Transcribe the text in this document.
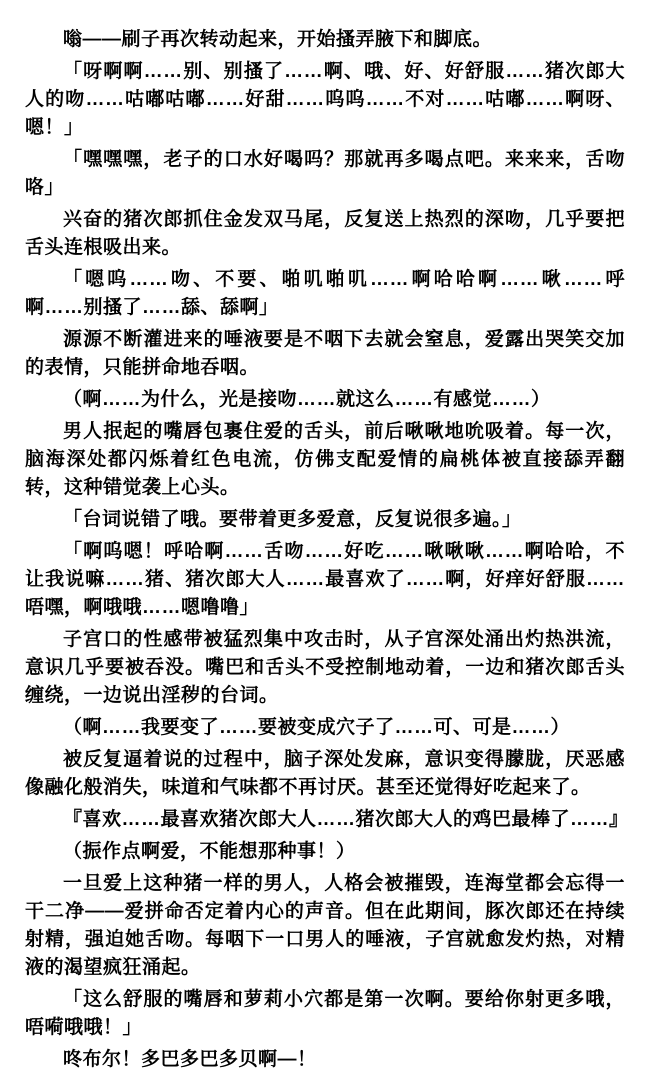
嗡——刷子再次转动起来，开始搔弄腋下和脚底。

「呀啊啊……别、别搔了……啊、哦、好、好舒服……猪次郎大人的吻……咕嘟咕嘟……好甜……呜呜……不对……咕嘟……啊呀、嗯！」

「嘿嘿嘿，老子的口水好喝吗？那就再多喝点吧。来来来，舌吻咯」

兴奋的猪次郎抓住金发双马尾，反复送上热烈的深吻，几乎要把舌头连根吸出来。

「嗯呜……吻、不要、啪叽啪叽……啊哈哈啊……啾……呼啊……别搔了……舔、舔啊」

源源不断灌进来的唾液要是不咽下去就会窒息，爱露出哭笑交加的表情，只能拼命地吞咽。

（啊……为什么，光是接吻……就这么……有感觉……）

男人抿起的嘴唇包裹住爱的舌头，前后啾啾地吮吸着。每一次，脑海深处都闪烁着红色电流，仿佛支配爱情的扁桃体被直接舔弄翻转，这种错觉袭上心头。

「台词说错了哦。要带着更多爱意，反复说很多遍。」

「啊呜嗯！呼哈啊……舌吻……好吃……啾啾啾……啊哈哈，不让我说嘛……猪、猪次郎大人……最喜欢了……啊，好痒好舒服……唔嘿，啊哦哦……嗯噜噜」

子宫口的性感带被猛烈集中攻击时，从子宫深处涌出灼热洪流，意识几乎要被吞没。嘴巴和舌头不受控制地动着，一边和猪次郎舌头缠绕，一边说出淫秽的台词。

（啊……我要变了……要被变成穴子了……可、可是……）

被反复逼着说的过程中，脑子深处发麻，意识变得朦胧，厌恶感像融化般消失，味道和气味都不再讨厌。甚至还觉得好吃起来了。

『喜欢……最喜欢猪次郎大人……猪次郎大人的鸡巴最棒了……』

（振作点啊爱，不能想那种事！）

一旦爱上这种猪一样的男人，人格会被摧毁，连海堂都会忘得一干二净——爱拼命否定着内心的声音。但在此期间，豚次郎还在持续射精，强迫她舌吻。每咽下一口男人的唾液，子宫就愈发灼热，对精液的渴望疯狂涌起。

「这么舒服的嘴唇和萝莉小穴都是第一次啊。要给你射更多哦，唔嗬哦哦！」

咚布尔！多巴多巴多贝啊—！
